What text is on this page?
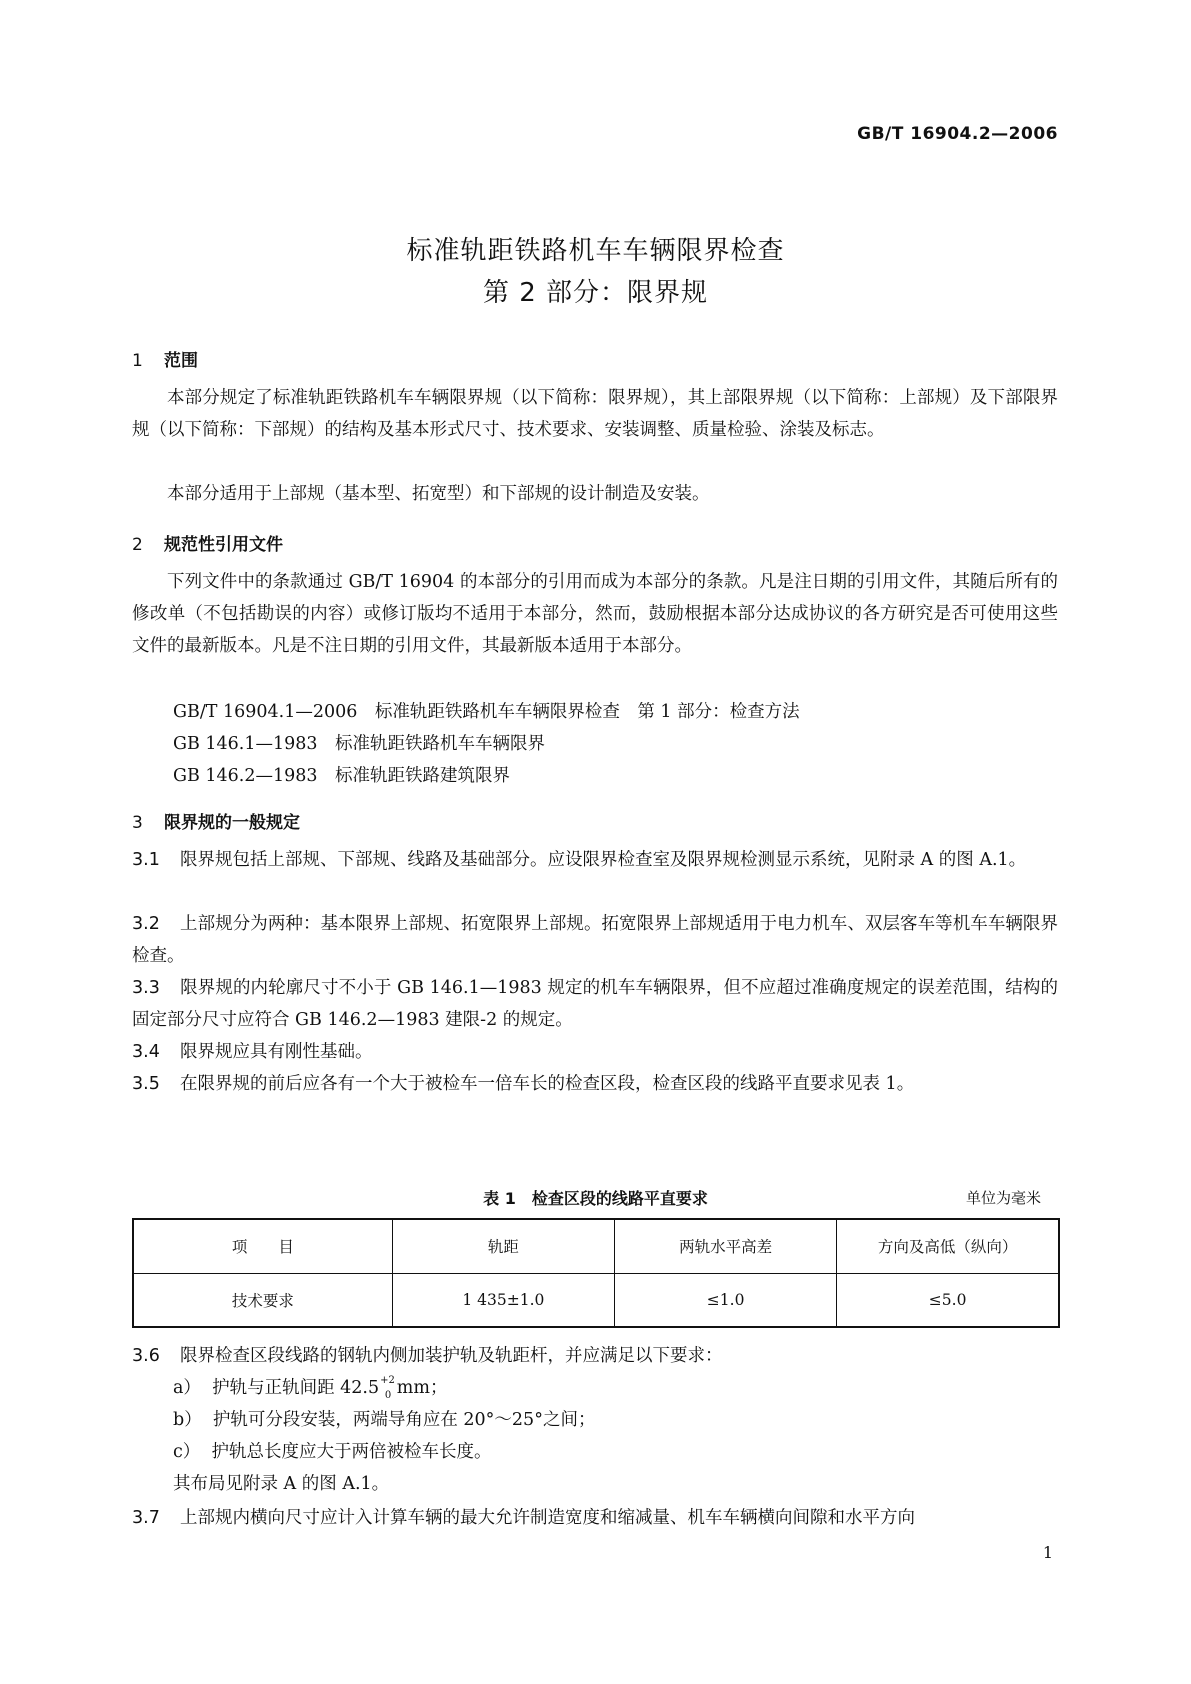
GB/T 16904.2—2006
标准轨距铁路机车车辆限界检查
第 2 部分：限界规
1 范围
本部分规定了标准轨距铁路机车车辆限界规（以下简称：限界规），其上部限界规（以下简称：上部规）及下部限界规（以下简称：下部规）的结构及基本形式尺寸、技术要求、安装调整、质量检验、涂装及标志。
本部分适用于上部规（基本型、拓宽型）和下部规的设计制造及安装。
2 规范性引用文件
下列文件中的条款通过 GB/T 16904 的本部分的引用而成为本部分的条款。凡是注日期的引用文件，其随后所有的修改单（不包括勘误的内容）或修订版均不适用于本部分，然而，鼓励根据本部分达成协议的各方研究是否可使用这些文件的最新版本。凡是不注日期的引用文件，其最新版本适用于本部分。
GB/T 16904.1—2006　标准轨距铁路机车车辆限界检查　第 1 部分：检查方法
GB 146.1—1983　标准轨距铁路机车车辆限界
GB 146.2—1983　标准轨距铁路建筑限界
3 限界规的一般规定
3.1 限界规包括上部规、下部规、线路及基础部分。应设限界检查室及限界规检测显示系统，见附录 A 的图 A.1。
3.2 上部规分为两种：基本限界上部规、拓宽限界上部规。拓宽限界上部规适用于电力机车、双层客车等机车车辆限界检查。
3.3 限界规的内轮廓尺寸不小于 GB 146.1—1983 规定的机车车辆限界，但不应超过准确度规定的误差范围，结构的固定部分尺寸应符合 GB 146.2—1983 建限-2 的规定。
3.4 限界规应具有刚性基础。
3.5 在限界规的前后应各有一个大于被检车一倍车长的检查区段，检查区段的线路平直要求见表 1。
表 1　检查区段的线路平直要求	单位为毫米
项　　目	轨距	两轨水平高差	方向及高低（纵向）
技术要求	1 435±1.0	≤1.0	≤5.0
3.6 限界检查区段线路的钢轨内侧加装护轨及轨距杆，并应满足以下要求：
a） 护轨与正轨间距 $42.5^{+2}_0$ mm；
b） 护轨可分段安装，两端导角应在 20°～25°之间；
c） 护轨总长度应大于两倍被检车长度。
其布局见附录 A 的图 A.1。
3.7 上部规内横向尺寸应计入计算车辆的最大允许制造宽度和缩减量、机车车辆横向间隙和水平方向
1
